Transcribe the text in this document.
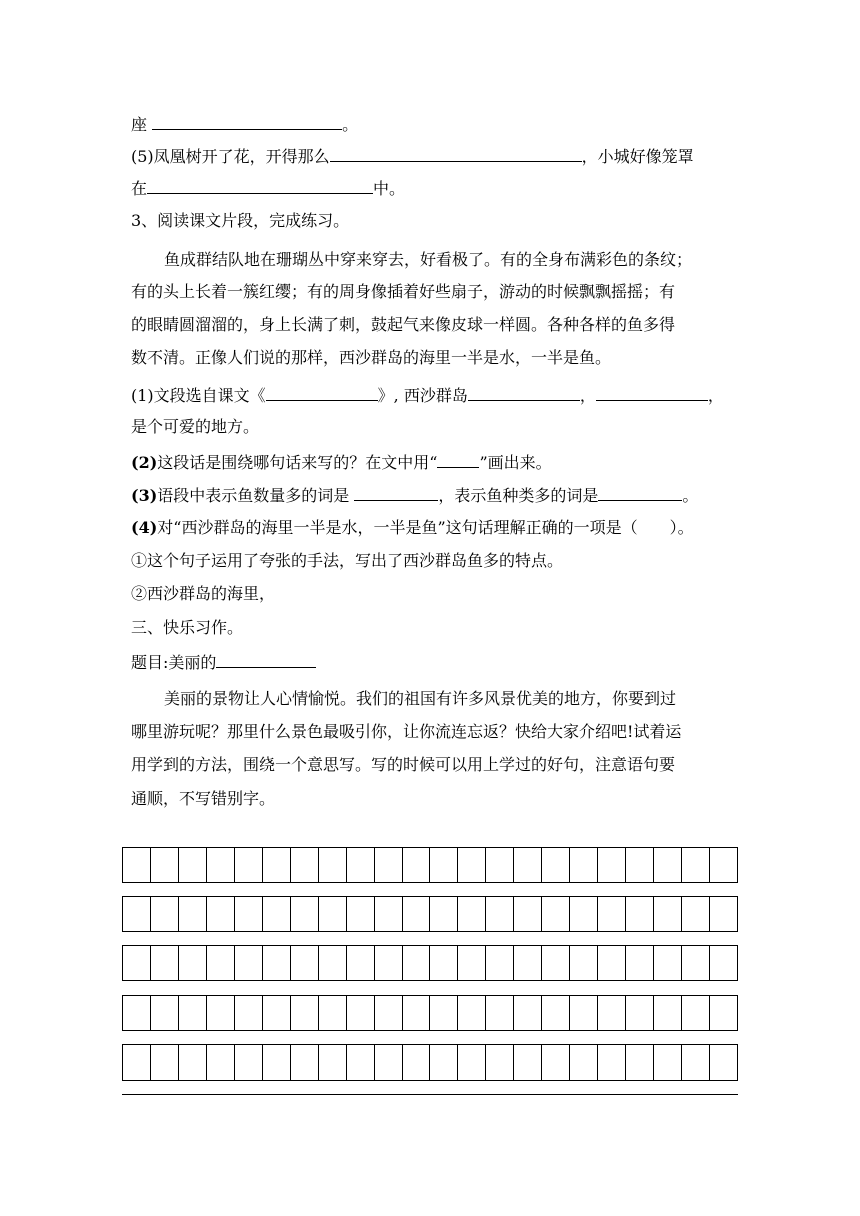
座	。
(5)凤凰树开了花，开得那么	，小城好像笼罩
在	中。
3、阅读课文片段，完成练习。
鱼成群结队地在珊瑚丛中穿来穿去，好看极了。有的全身布满彩色的条纹；
有的头上长着一簇红缨；有的周身像插着好些扇子，游动的时候飘飘摇摇；有
的眼睛圆溜溜的，身上长满了刺，鼓起气来像皮球一样圆。各种各样的鱼多得
数不清。正像人们说的那样，西沙群岛的海里一半是水，一半是鱼。
(1)文段选自课文《	》, 西沙群岛	，	，
是个可爱的地方。
(2)这段话是围绕哪句话来写的？在文中用“	”画出来。
(3)语段中表示鱼数量多的词是	，表示鱼种类多的词是	。
(4)对“西沙群岛的海里一半是水，一半是鱼”这句话理解正确的一项是（　　）。
①这个句子运用了夸张的手法，写出了西沙群岛鱼多的特点。
②西沙群岛的海里，
三、快乐习作。
题目:美丽的
美丽的景物让人心情愉悦。我们的祖国有许多风景优美的地方，你要到过
哪里游玩呢？那里什么景色最吸引你，让你流连忘返？快给大家介绍吧!试着运
用学到的方法，围绕一个意思写。写的时候可以用上学过的好句，注意语句要
通顺，不写错别字。
